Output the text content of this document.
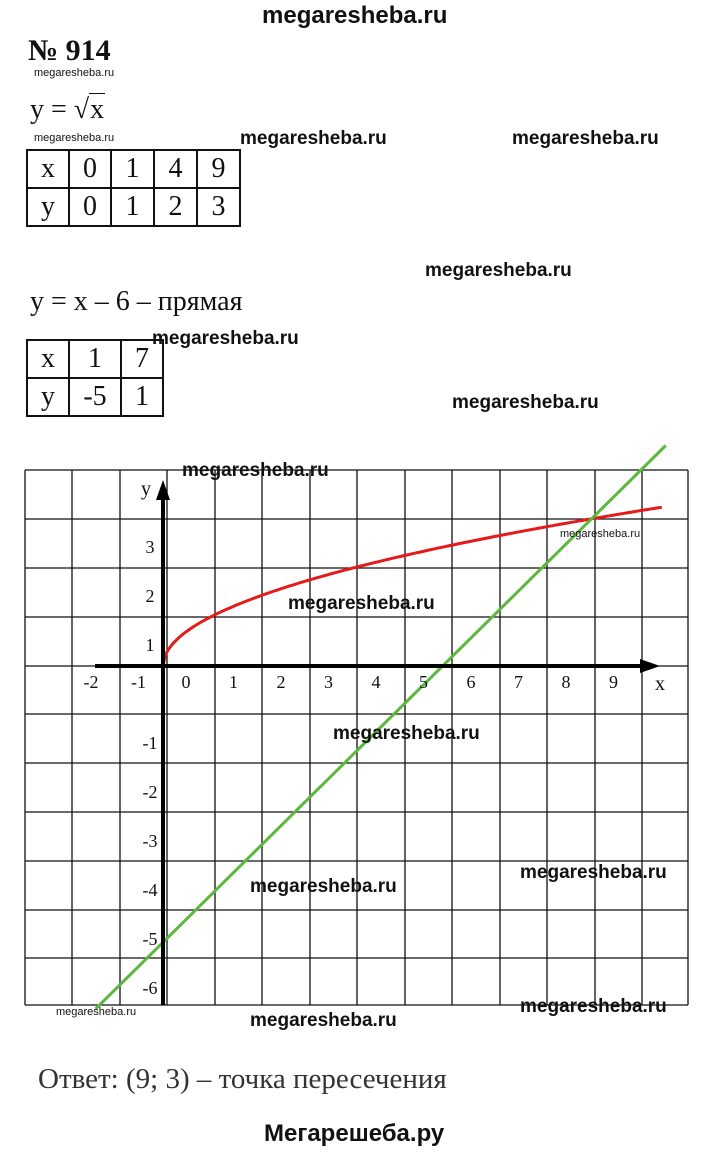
megaresheba.ru
№ 914
megaresheba.ru
y = √x
megaresheba.ru	megaresheba.ru	megaresheba.ru
x	0	1	4	9
y	0	1	2	3
megaresheba.ru
y = x – 6 – прямая
megaresheba.ru
x	1	7
y	-5	1	megaresheba.ru
x
y
-2 -1 0 1 2 3 4 5 6 7 8 9
3
2
1
-1
-2
-3
-4
-5
-6
megaresheba.ru
megaresheba.ru
megaresheba.ru
megaresheba.ru
megaresheba.ru
megaresheba.ru
megaresheba.ru	megaresheba.ru
megaresheba.ru
Ответ: (9; 3) – точка пересечения
Мегарешеба.ру
